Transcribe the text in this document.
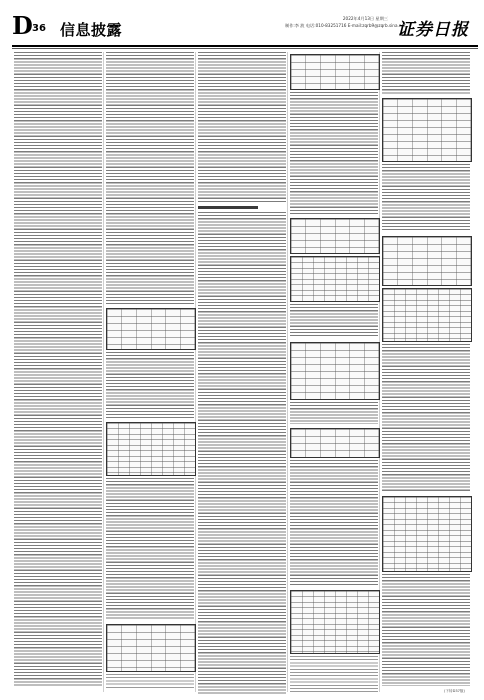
D 36 信息披露
2022年4月13日 星期三
制作:李 波 电话:010-83251716 E-mail:zqrb9@zqrb.sina.net
证券日报
(下转D37版)
